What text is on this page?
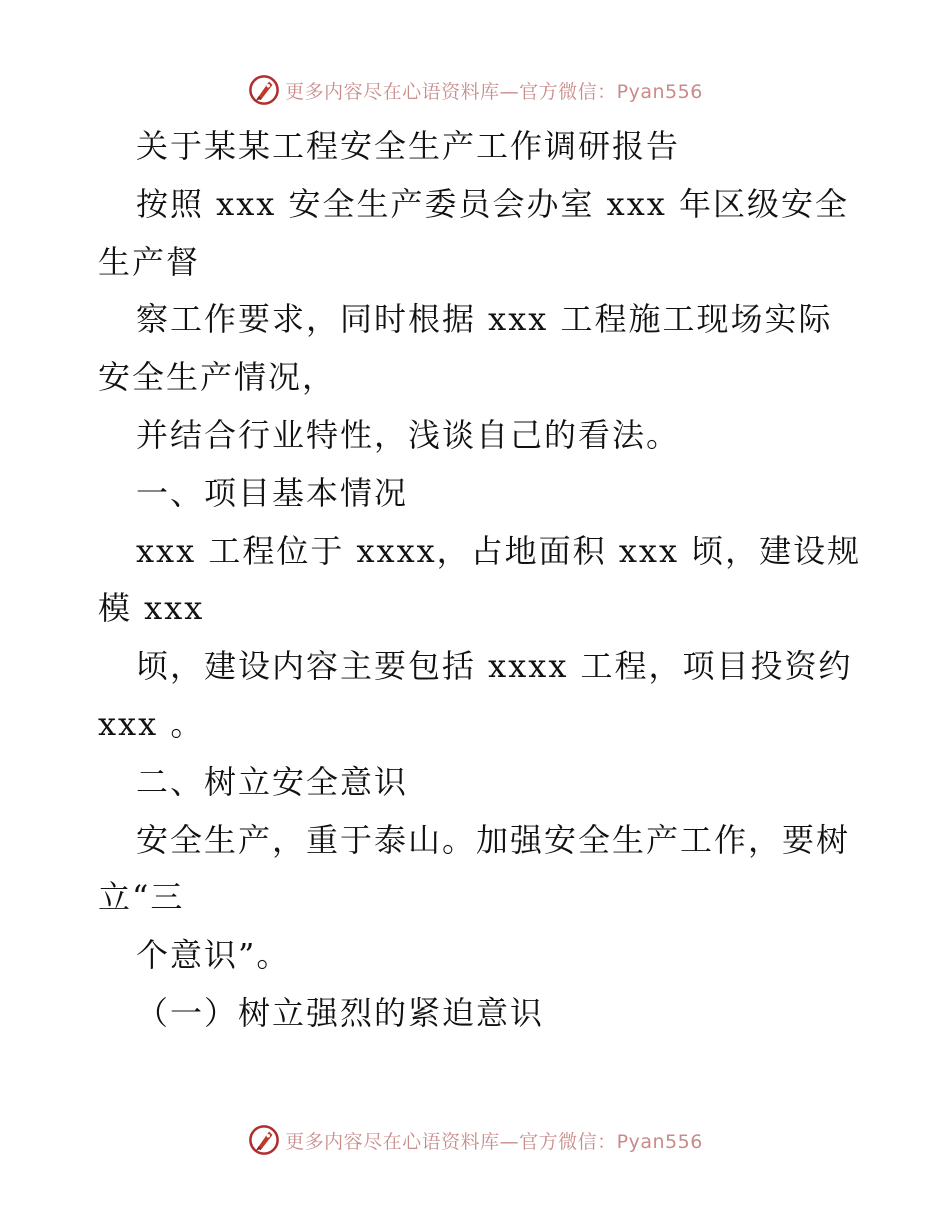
更多内容尽在心语资料库—官方微信：Pyan556
关于某某工程安全生产工作调研报告
按照 xxx 安全生产委员会办室 xxx 年区级安全
生产督
察工作要求，同时根据 xxx 工程施工现场实际
安全生产情况，
并结合行业特性，浅谈自己的看法。
一、项目基本情况
xxx 工程位于 xxxx，占地面积 xxx 顷，建设规
模 xxx
顷，建设内容主要包括 xxxx 工程，项目投资约
xxx 。
二、树立安全意识
安全生产，重于泰山。加强安全生产工作，要树
立“三
个意识”。
（一）树立强烈的紧迫意识
更多内容尽在心语资料库—官方微信：Pyan556
